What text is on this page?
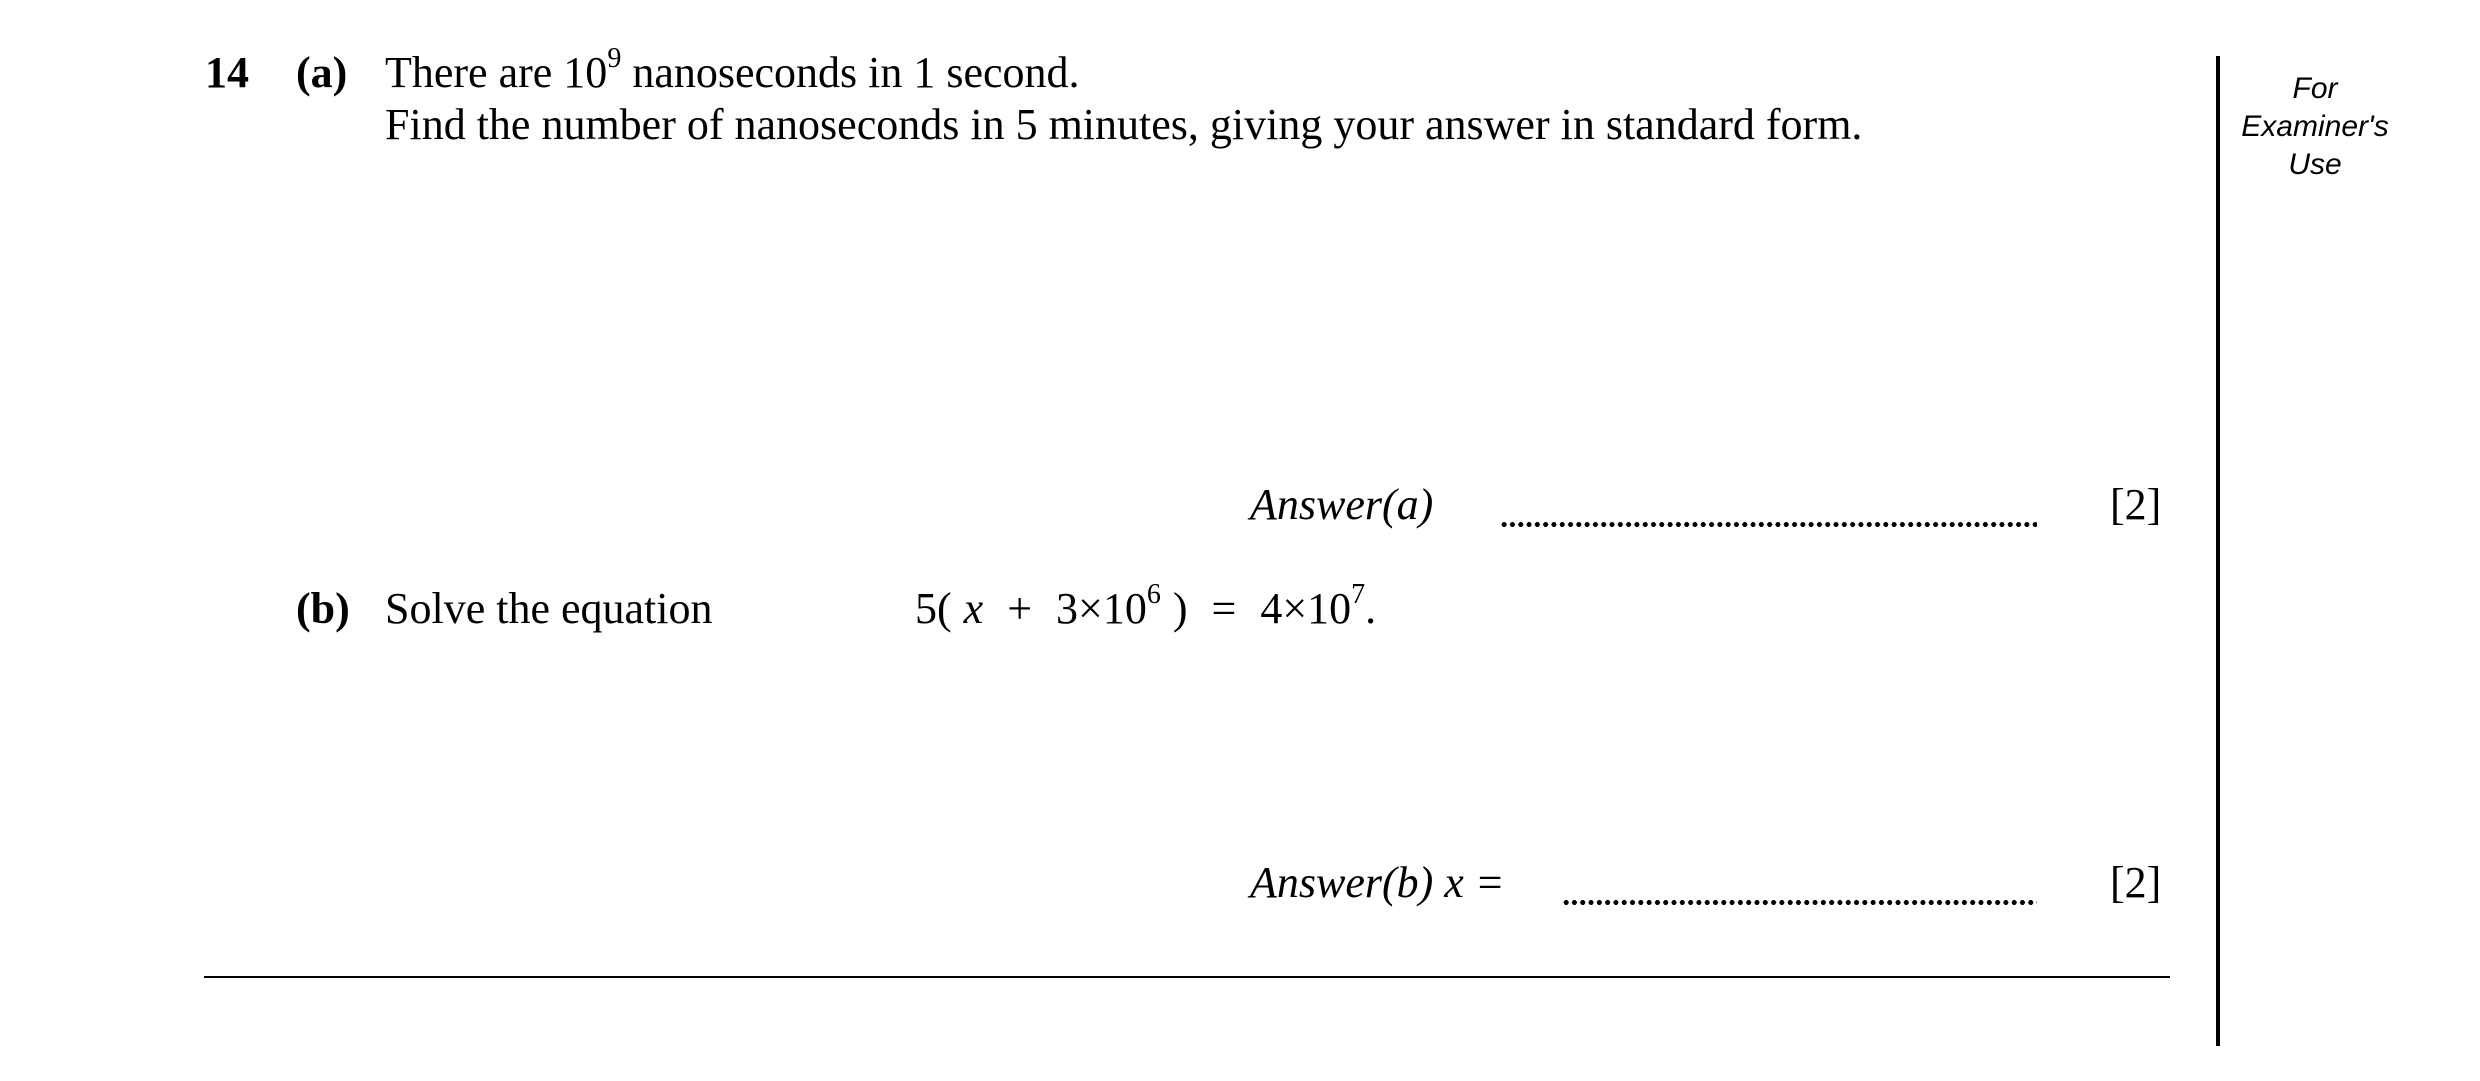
14 (a) There are $10^9$ nanoseconds in 1 second.
Find the number of nanoseconds in 5 minutes, giving your answer in standard form.
Answer(a)	[2]
(b) Solve the equation	5( $x + 3\times 10^6$ ) = $4\times 10^7$.
Answer(b) x =	[2]
For
Examiner's
Use
